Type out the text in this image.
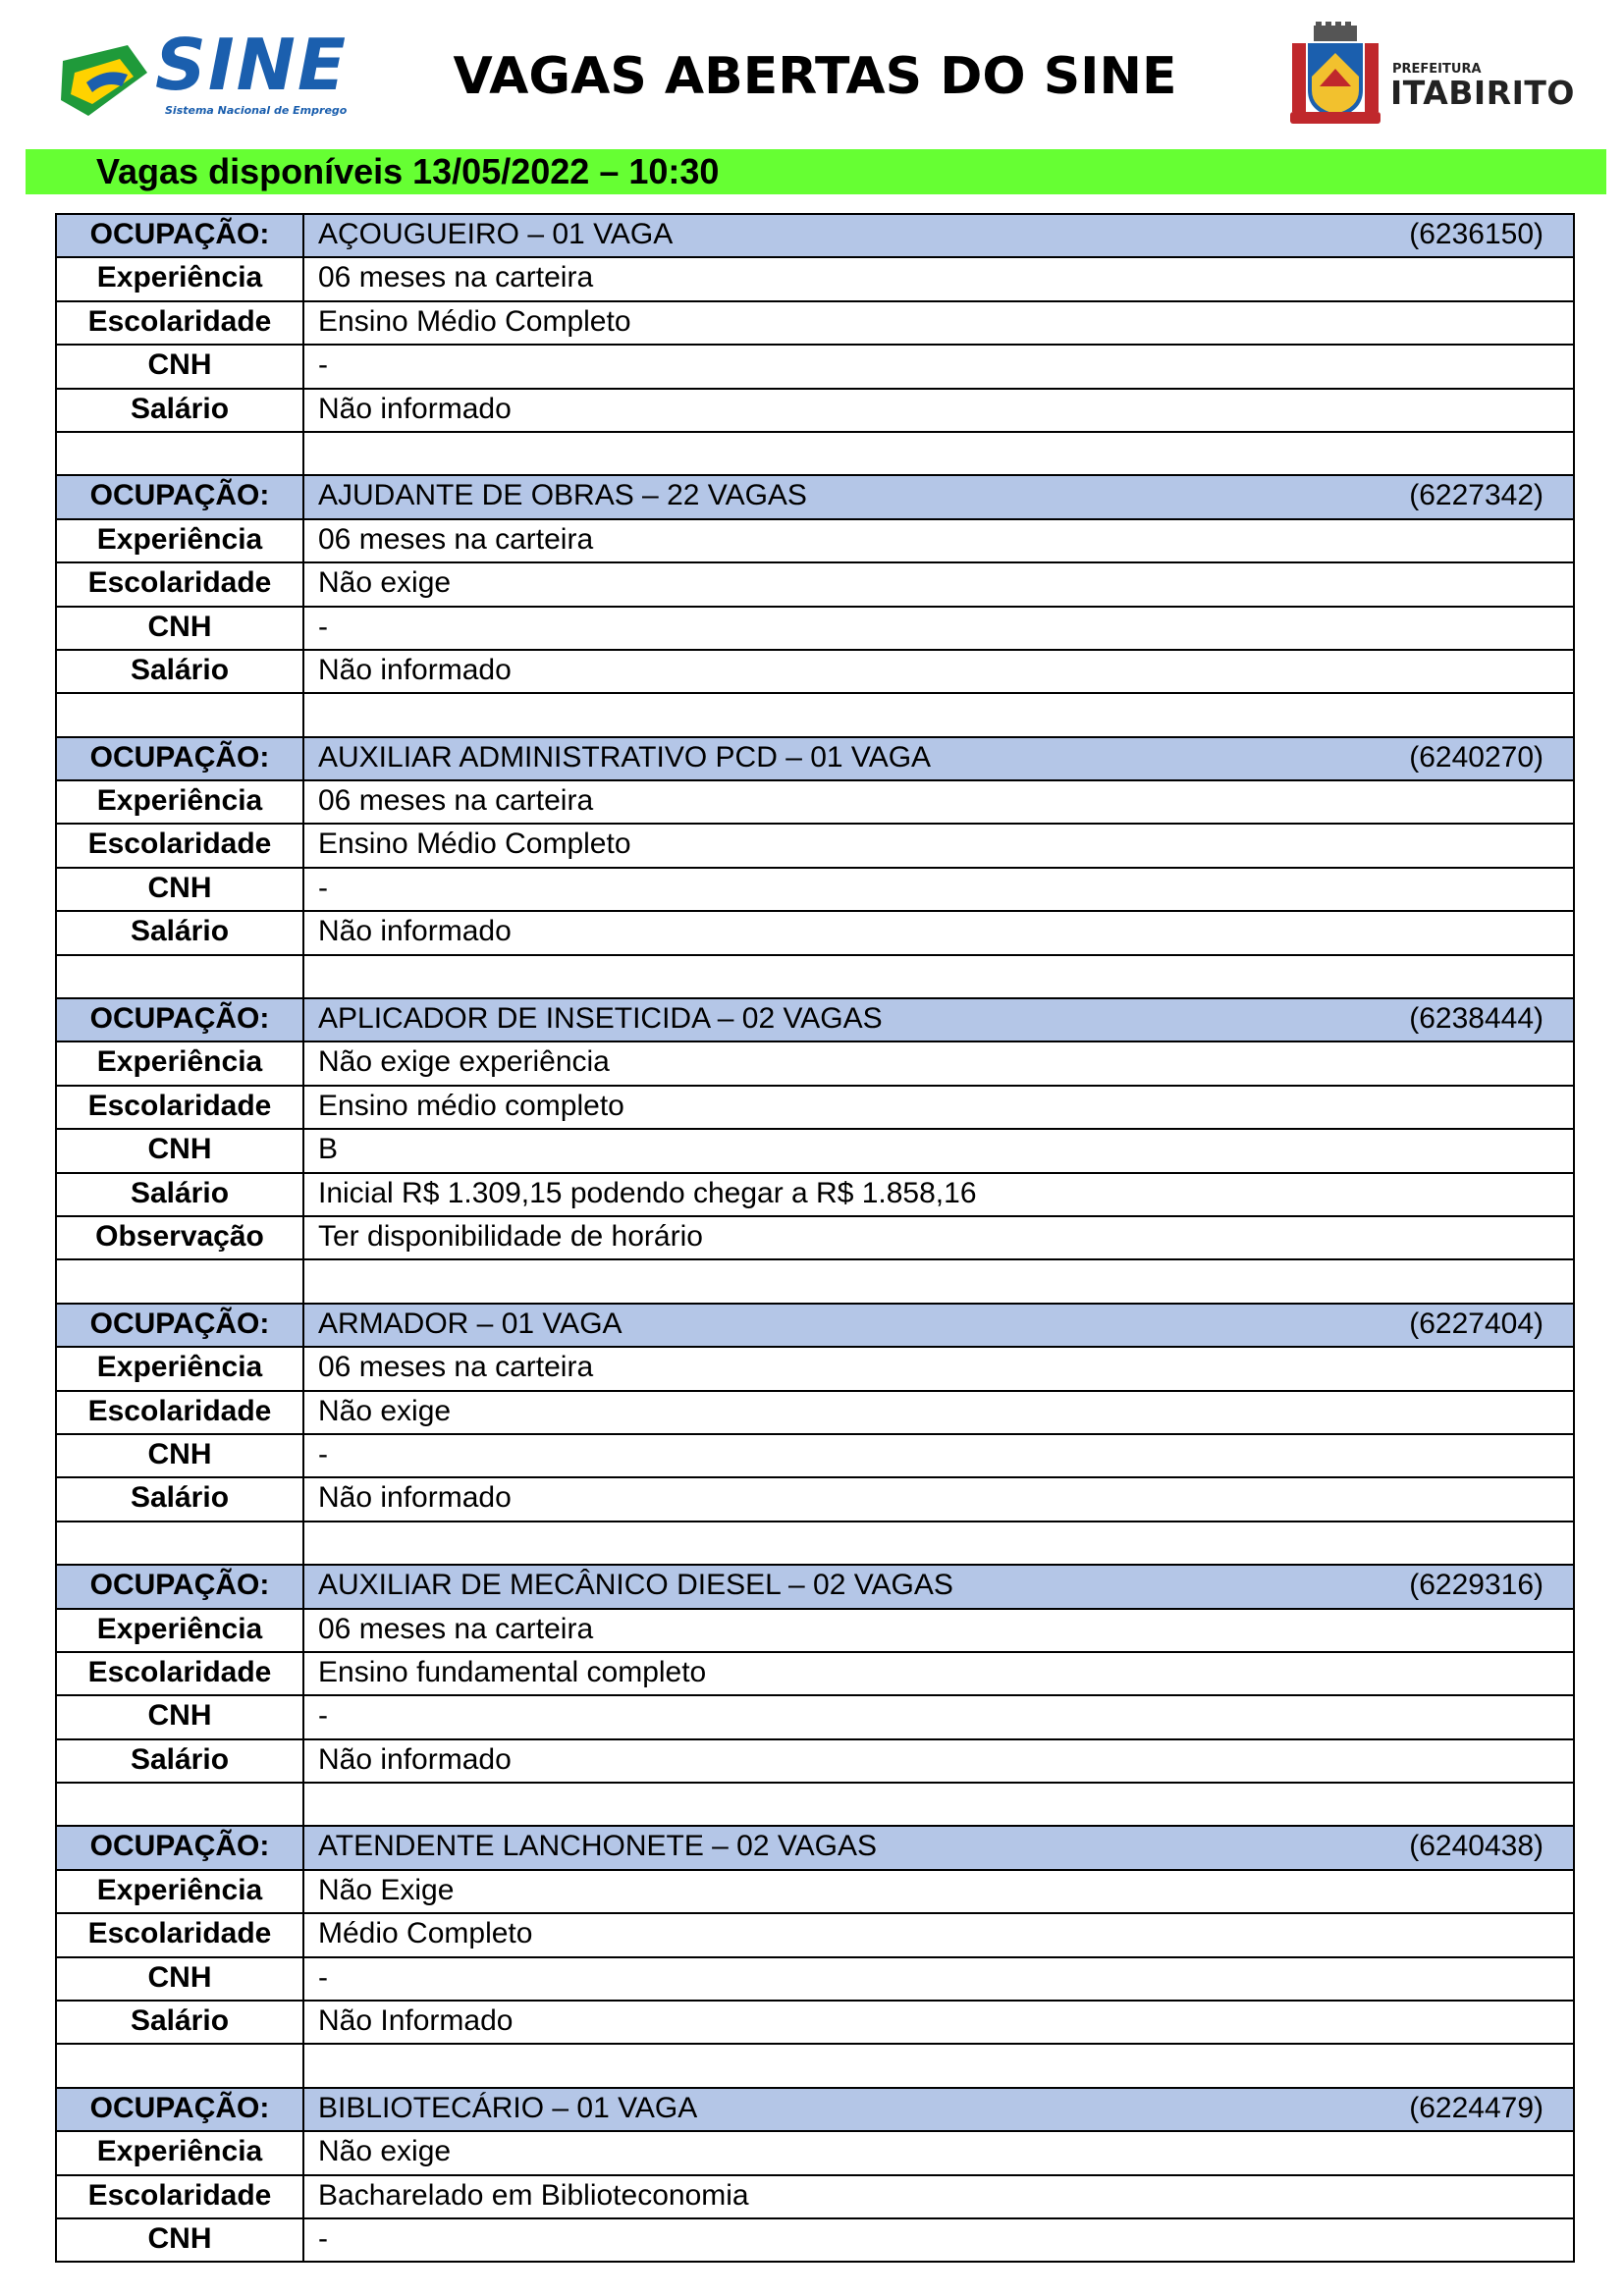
SINE
Sistema Nacional de Emprego
VAGAS ABERTAS DO SINE	PREFEITURA
ITABIRITO
Vagas disponíveis 13/05/2022 – 10:30
OCUPAÇÃO:	AÇOUGUEIRO – 01 VAGA	(6236150)
Experiência	06 meses na carteira
Escolaridade	Ensino Médio Completo
CNH	-
Salário	Não informado
OCUPAÇÃO:	AJUDANTE DE OBRAS – 22 VAGAS	(6227342)
Experiência	06 meses na carteira
Escolaridade	Não exige
CNH	-
Salário	Não informado
OCUPAÇÃO:	AUXILIAR ADMINISTRATIVO PCD – 01 VAGA	(6240270)
Experiência	06 meses na carteira
Escolaridade	Ensino Médio Completo
CNH	-
Salário	Não informado
OCUPAÇÃO:	APLICADOR DE INSETICIDA – 02 VAGAS	(6238444)
Experiência	Não exige experiência
Escolaridade	Ensino médio completo
CNH	B
Salário	Inicial R$ 1.309,15 podendo chegar a R$ 1.858,16
Observação	Ter disponibilidade de horário
OCUPAÇÃO:	ARMADOR – 01 VAGA	(6227404)
Experiência	06 meses na carteira
Escolaridade	Não exige
CNH	-
Salário	Não informado
OCUPAÇÃO:	AUXILIAR DE MECÂNICO DIESEL – 02 VAGAS	(6229316)
Experiência	06 meses na carteira
Escolaridade	Ensino fundamental completo
CNH	-
Salário	Não informado
OCUPAÇÃO:	ATENDENTE LANCHONETE – 02 VAGAS	(6240438)
Experiência	Não Exige
Escolaridade	Médio Completo
CNH	-
Salário	Não Informado
OCUPAÇÃO:	BIBLIOTECÁRIO – 01 VAGA	(6224479)
Experiência	Não exige
Escolaridade	Bacharelado em Biblioteconomia
CNH	-
